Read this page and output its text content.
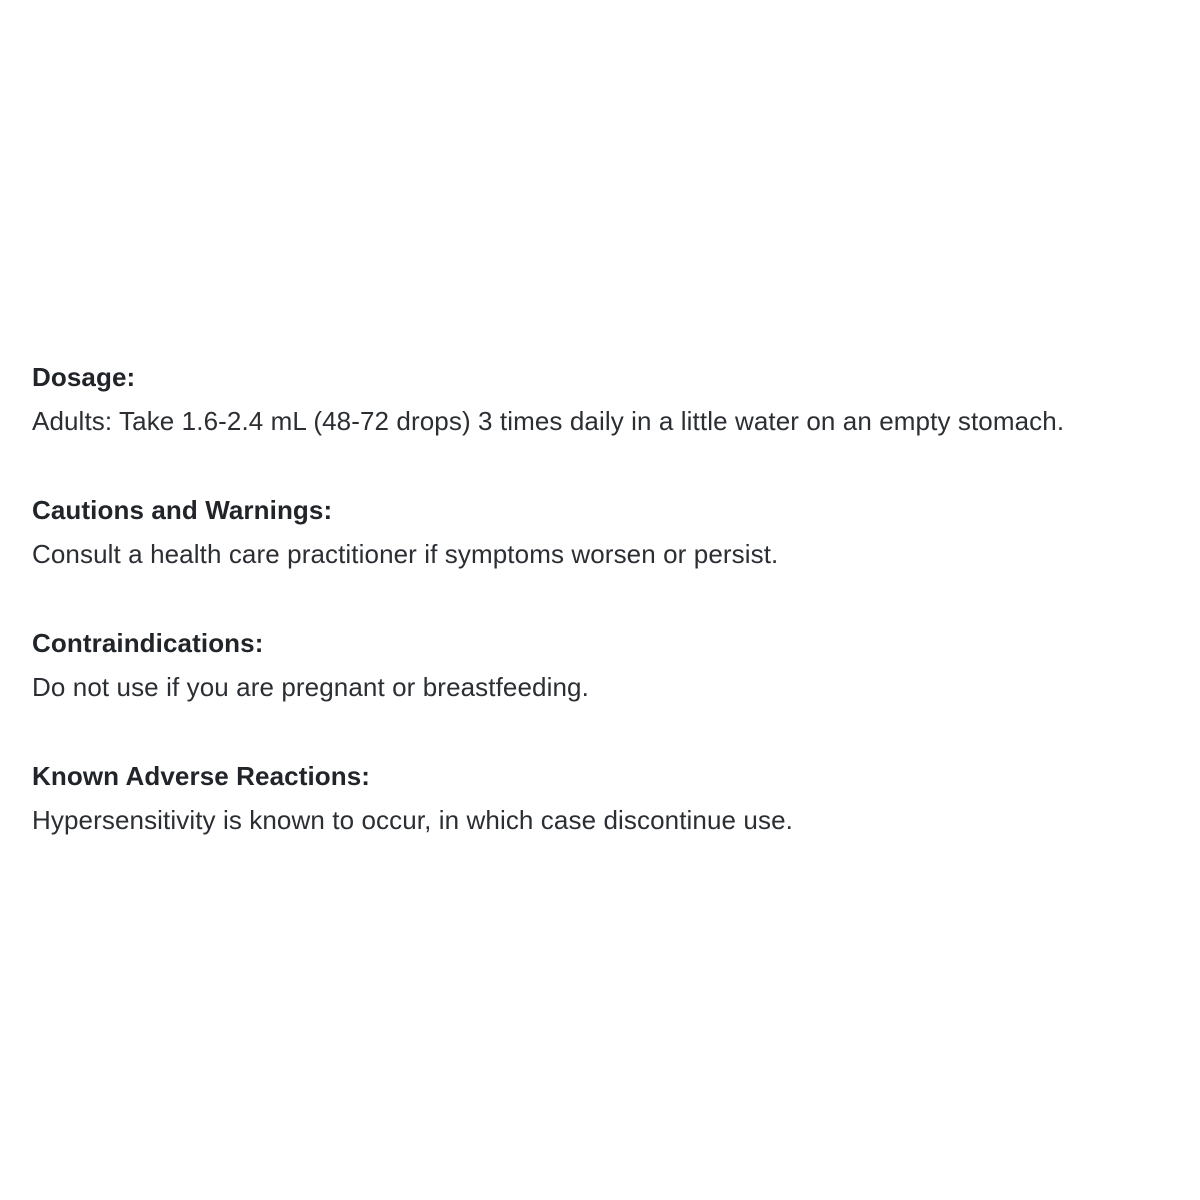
Dosage:
Adults: Take 1.6-2.4 mL (48-72 drops) 3 times daily in a little water on an empty stomach.
Cautions and Warnings:
Consult a health care practitioner if symptoms worsen or persist.
Contraindications:
Do not use if you are pregnant or breastfeeding.
Known Adverse Reactions:
Hypersensitivity is known to occur, in which case discontinue use.
